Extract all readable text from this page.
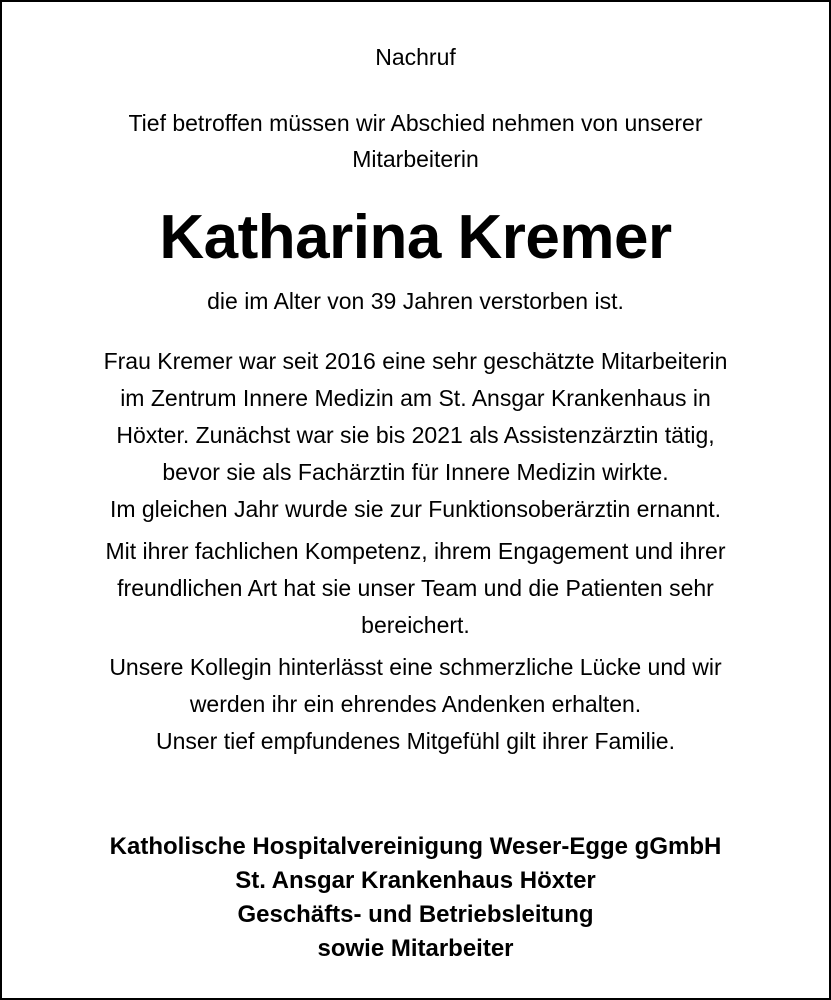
Nachruf
Tief betroffen müssen wir Abschied nehmen von unserer
Mitarbeiterin
Katharina Kremer
die im Alter von 39 Jahren verstorben ist.
Frau Kremer war seit 2016 eine sehr geschätzte Mitarbeiterin
im Zentrum Innere Medizin am St. Ansgar Krankenhaus in
Höxter. Zunächst war sie bis 2021 als Assistenzärztin tätig,
bevor sie als Fachärztin für Innere Medizin wirkte.
Im gleichen Jahr wurde sie zur Funktionsoberärztin ernannt.
Mit ihrer fachlichen Kompetenz, ihrem Engagement und ihrer
freundlichen Art hat sie unser Team und die Patienten sehr
bereichert.
Unsere Kollegin hinterlässt eine schmerzliche Lücke und wir
werden ihr ein ehrendes Andenken erhalten.
Unser tief empfundenes Mitgefühl gilt ihrer Familie.
Katholische Hospitalvereinigung Weser-Egge gGmbH
St. Ansgar Krankenhaus Höxter
Geschäfts- und Betriebsleitung
sowie Mitarbeiter
